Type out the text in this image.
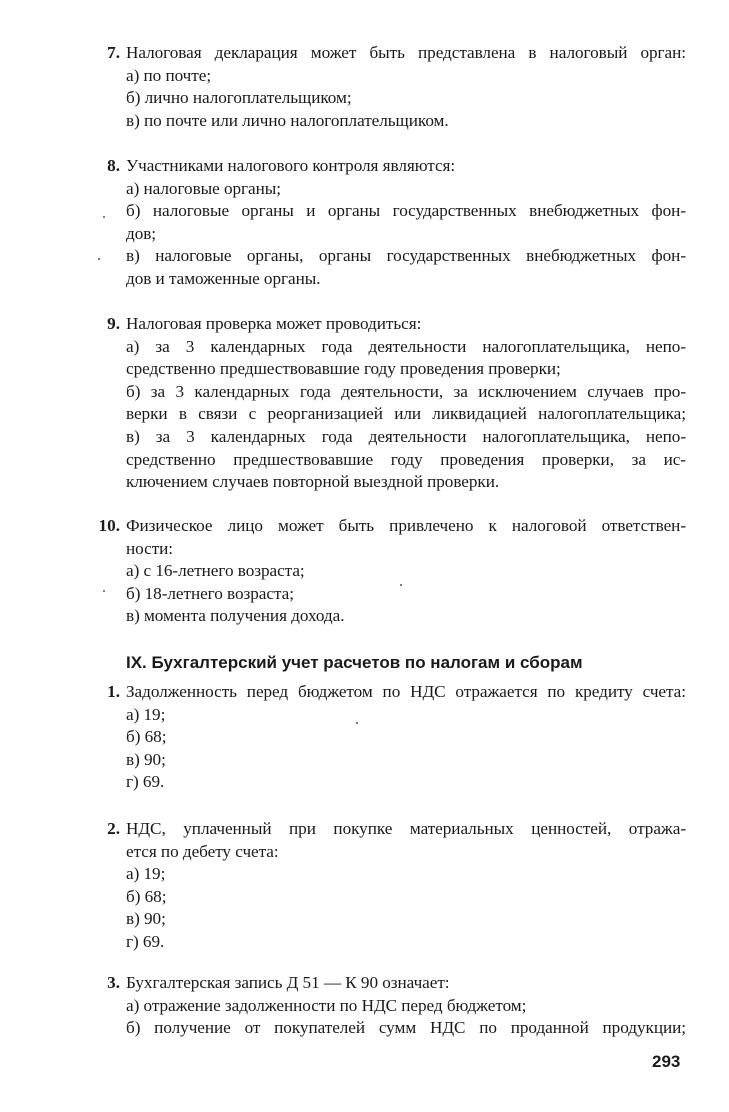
7. Налоговая декларация может быть представлена в налоговый орган:
а) по почте;
б) лично налогоплательщиком;
в) по почте или лично налогоплательщиком.
8. Участниками налогового контроля являются:
а) налоговые органы;
б) налоговые органы и органы государственных внебюджетных фон-
дов;
в) налоговые органы, органы государственных внебюджетных фон-
дов и таможенные органы.
9. Налоговая проверка может проводиться:
а) за 3 календарных года деятельности налогоплательщика, непо-
средственно предшествовавшие году проведения проверки;
б) за 3 календарных года деятельности, за исключением случаев про-
верки в связи с реорганизацией или ликвидацией налогоплательщика;
в) за 3 календарных года деятельности налогоплательщика, непо-
средственно предшествовавшие году проведения проверки, за ис-
ключением случаев повторной выездной проверки.
10. Физическое лицо может быть привлечено к налоговой ответствен-
ности:
а) с 16-летнего возраста;
б) 18-летнего возраста;
в) момента получения дохода.
IX. Бухгалтерский учет расчетов по налогам и сборам
1. Задолженность перед бюджетом по НДС отражается по кредиту счета:
а) 19;
б) 68;
в) 90;
г) 69.
2. НДС, уплаченный при покупке материальных ценностей, отража-
ется по дебету счета:
а) 19;
б) 68;
в) 90;
г) 69.
3. Бухгалтерская запись Д 51 — К 90 означает:
а) отражение задолженности по НДС перед бюджетом;
б) получение от покупателей сумм НДС по проданной продукции;
293
